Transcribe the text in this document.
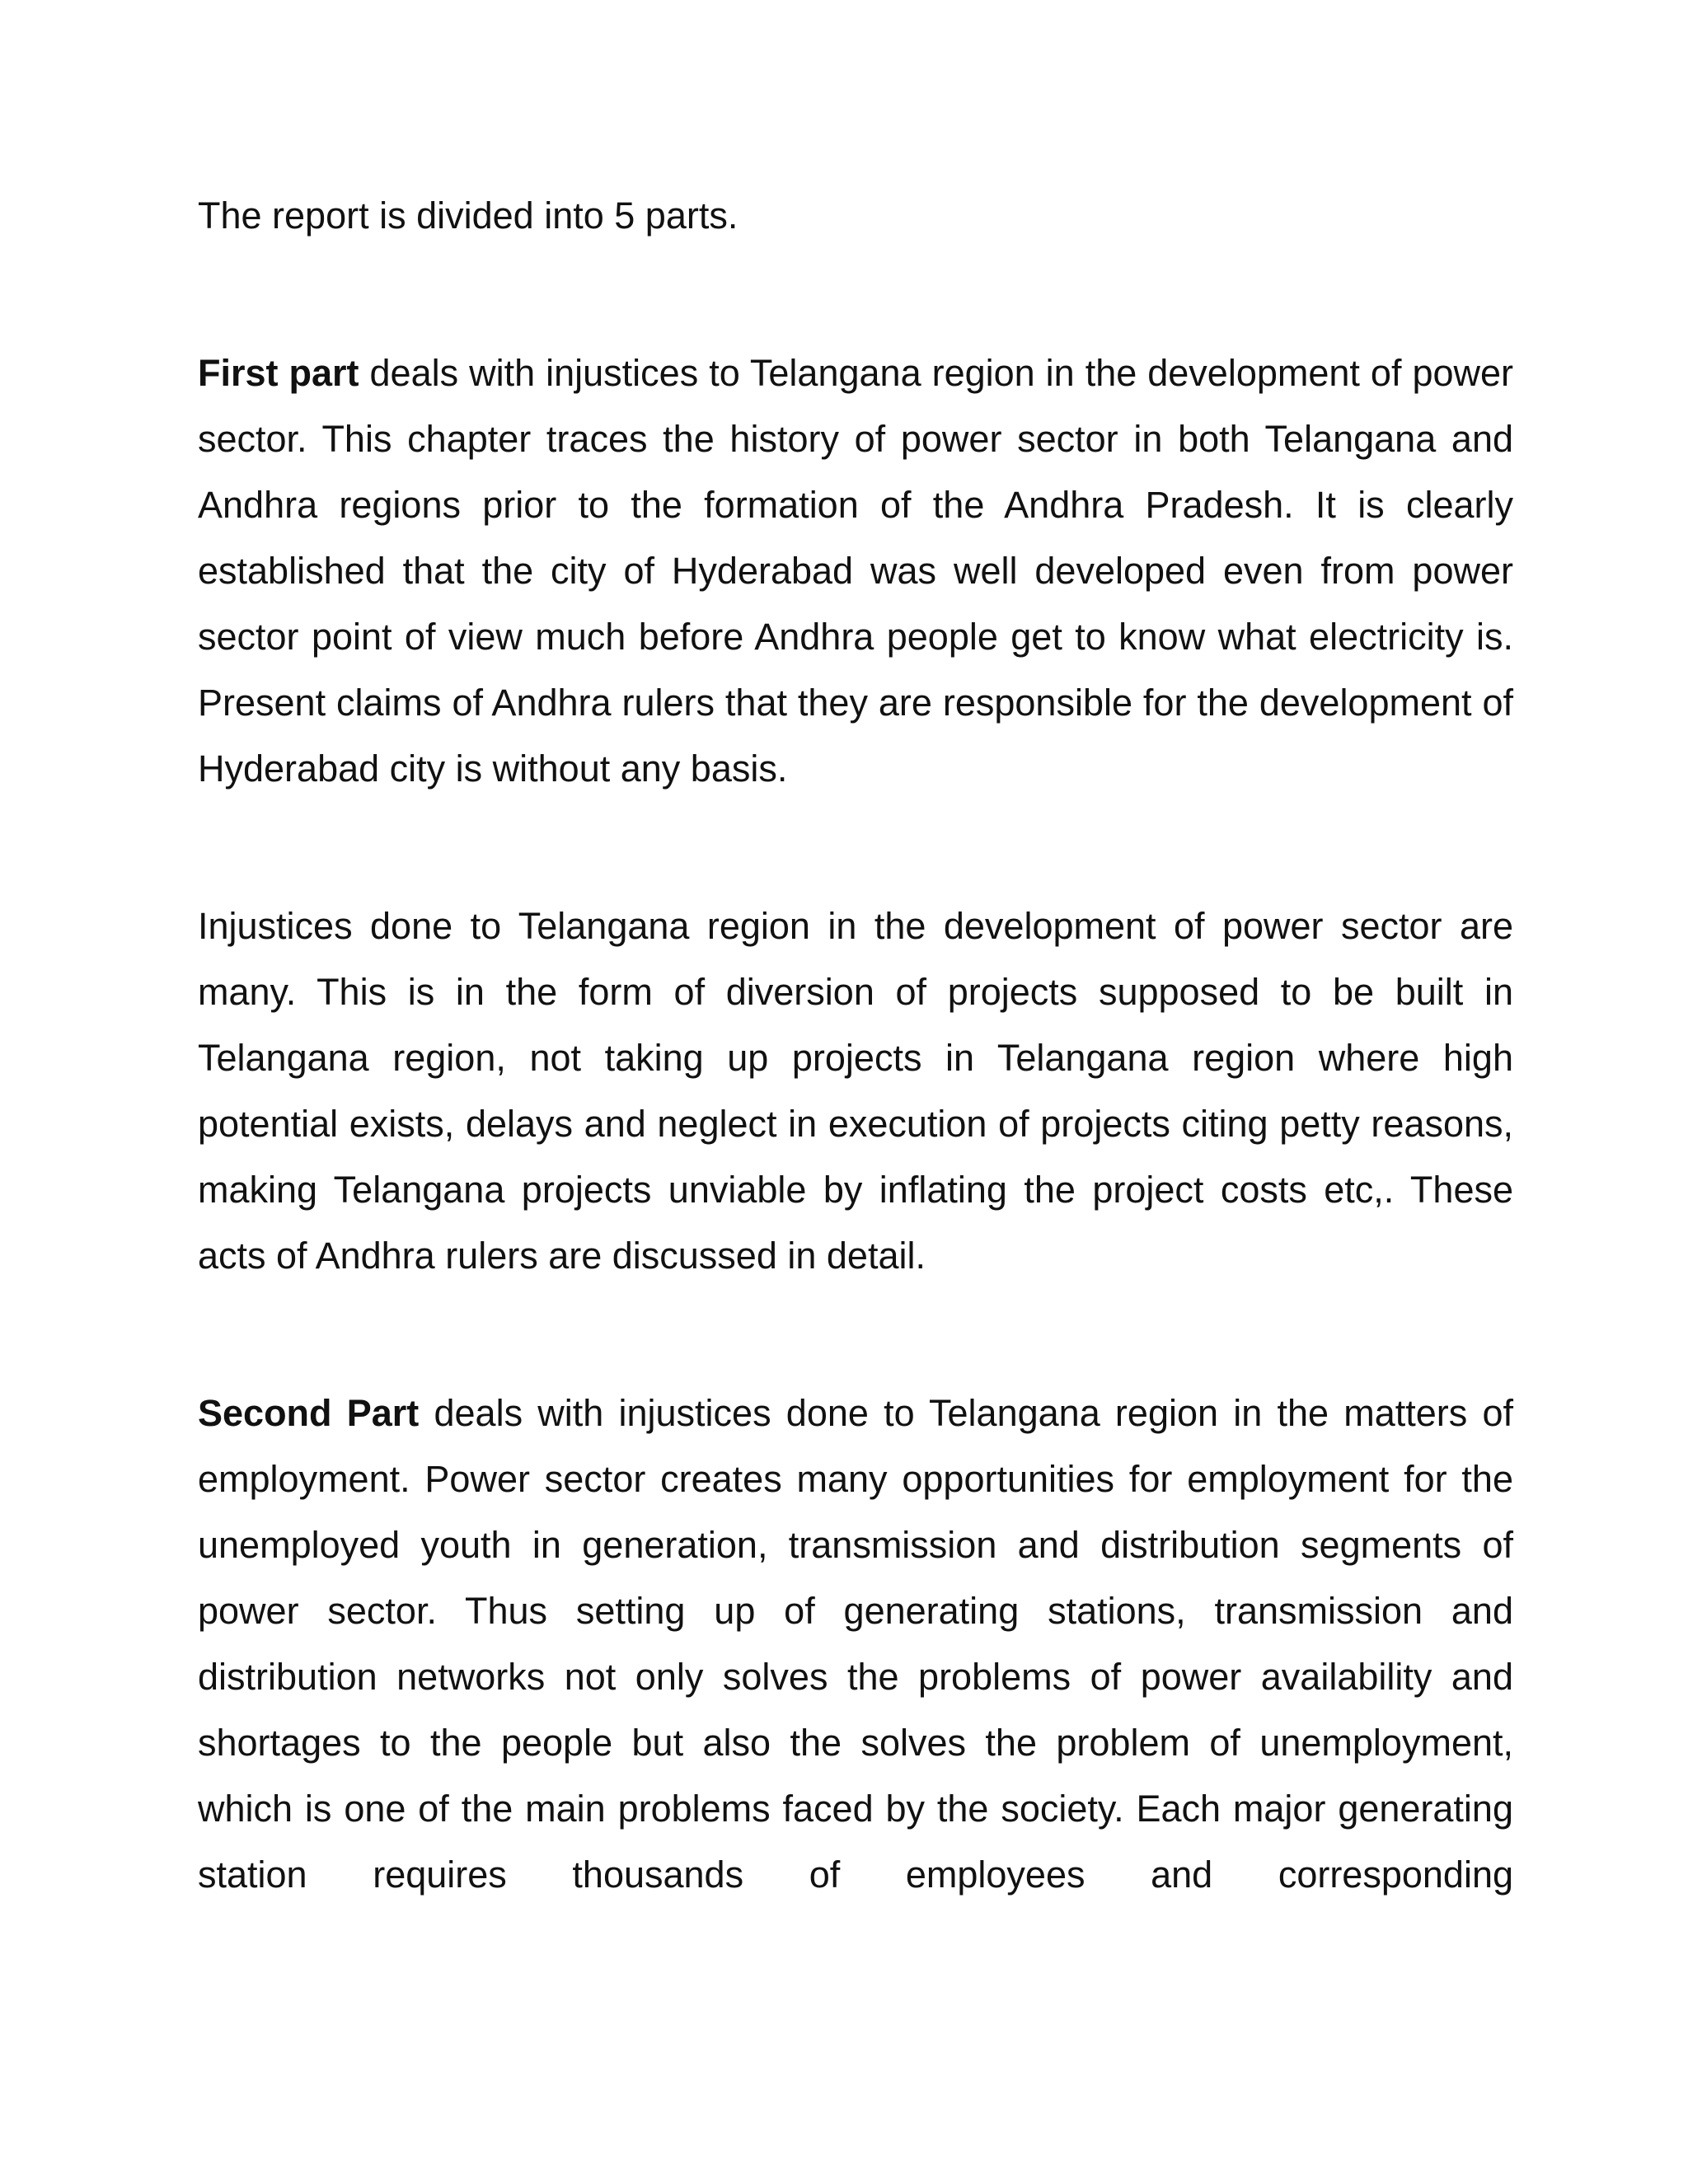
The report is divided into 5 parts.

First part deals with injustices to Telangana region in the development of power sector. This chapter traces the history of power sector in both Telangana and Andhra regions prior to the formation of the Andhra Pradesh. It is clearly established that the city of Hyderabad was well developed even from power sector point of view much before Andhra people get to know what electricity is. Present claims of Andhra rulers that they are responsible for the development of Hyderabad city is without any basis.

Injustices done to Telangana region in the development of power sector are many. This is in the form of diversion of projects supposed to be built in Telangana region, not taking up projects in Telangana region where high potential exists, delays and neglect in execution of projects citing petty reasons, making Telangana projects unviable by inflating the project costs etc,. These acts of Andhra rulers are discussed in detail.

Second Part deals with injustices done to Telangana region in the matters of employment. Power sector creates many opportunities for employment for the unemployed youth in generation, transmission and distribution segments of power sector. Thus setting up of generating stations, transmission and distribution networks not only solves the problems of power availability and shortages to the people but also the solves the problem of unemployment, which is one of the main problems faced by the society. Each major generating station requires thousands of employees and corresponding
